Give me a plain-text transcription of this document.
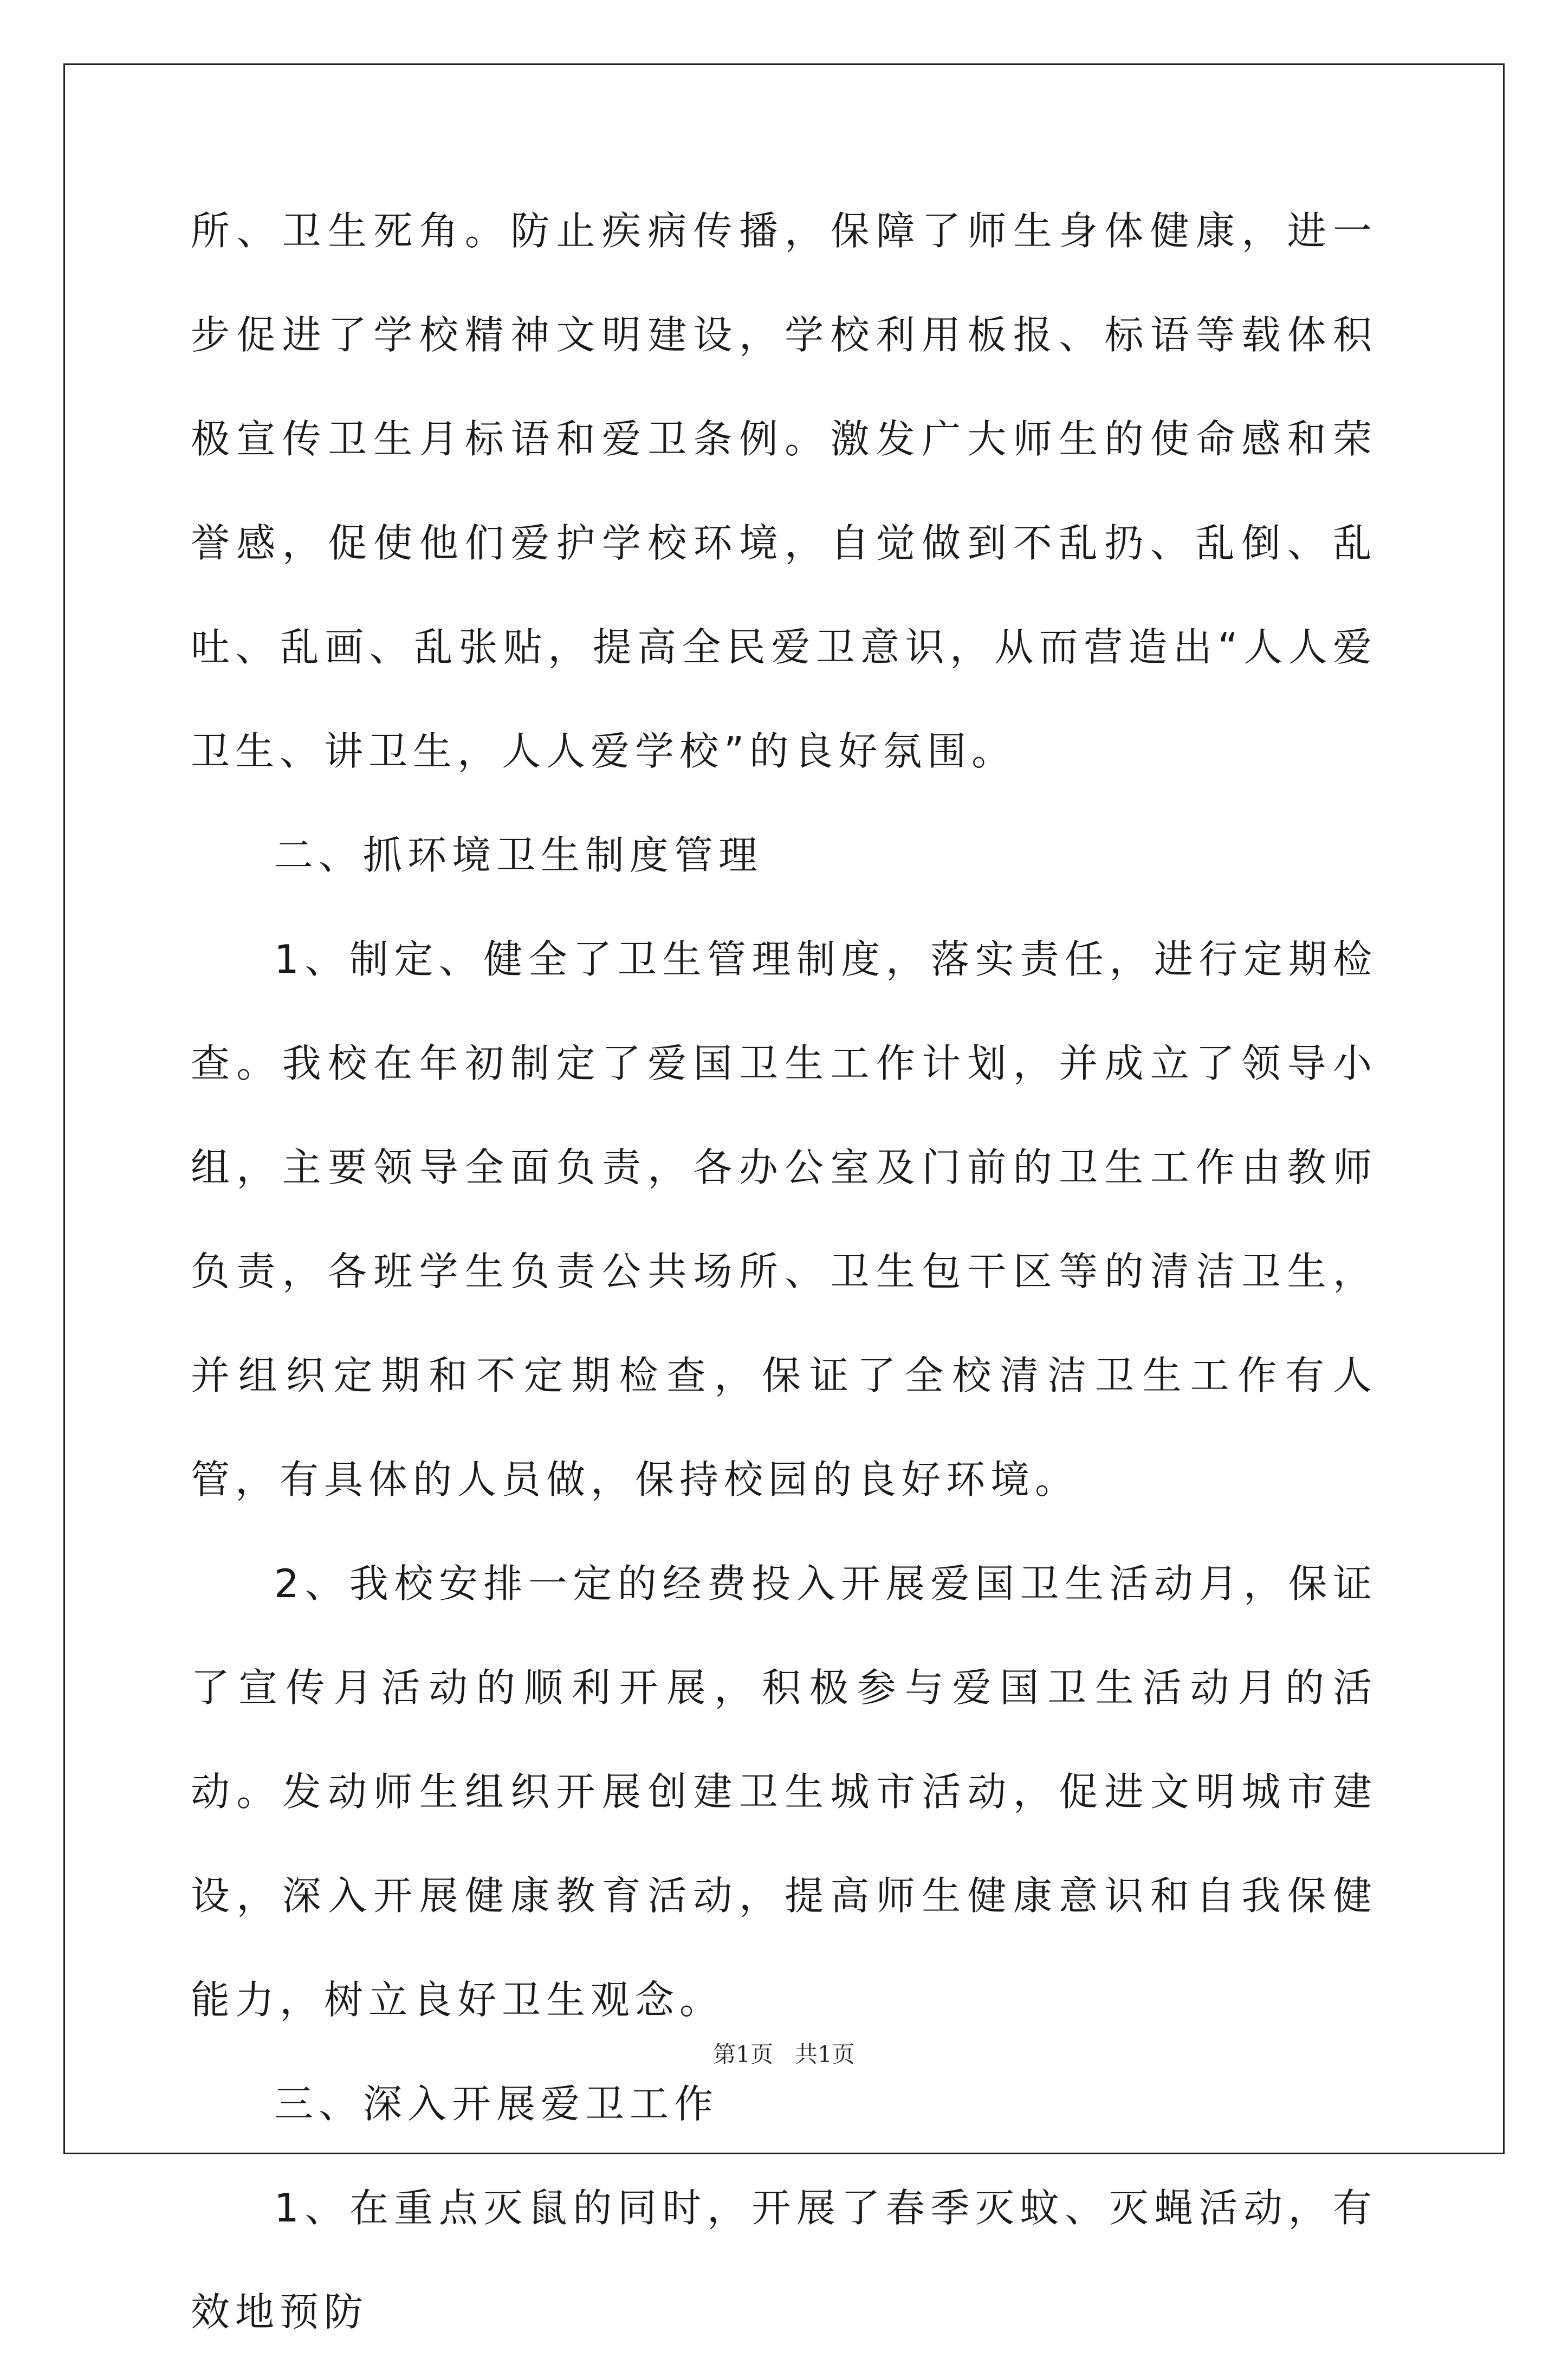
所、卫生死角。防止疾病传播，保障了师生身体健康，进一步促进了学校精神文明建设，学校利用板报、标语等载体积极宣传卫生月标语和爱卫条例。激发广大师生的使命感和荣誉感，促使他们爱护学校环境，自觉做到不乱扔、乱倒、乱吐、乱画、乱张贴，提高全民爱卫意识，从而营造出“人人爱卫生、讲卫生，人人爱学校”的良好氛围。

二、抓环境卫生制度管理

1、制定、健全了卫生管理制度，落实责任，进行定期检查。我校在年初制定了爱国卫生工作计划，并成立了领导小组，主要领导全面负责，各办公室及门前的卫生工作由教师负责，各班学生负责公共场所、卫生包干区等的清洁卫生，并组织定期和不定期检查，保证了全校清洁卫生工作有人管，有具体的人员做，保持校园的良好环境。

2、我校安排一定的经费投入开展爱国卫生活动月，保证了宣传月活动的顺利开展，积极参与爱国卫生活动月的活动。发动师生组织开展创建卫生城市活动，促进文明城市建设，深入开展健康教育活动，提高师生健康意识和自我保健能力，树立良好卫生观念。

三、深入开展爱卫工作

1、在重点灭鼠的同时，开展了春季灭蚊、灭蝇活动，有效地预防

第1页   共1页
